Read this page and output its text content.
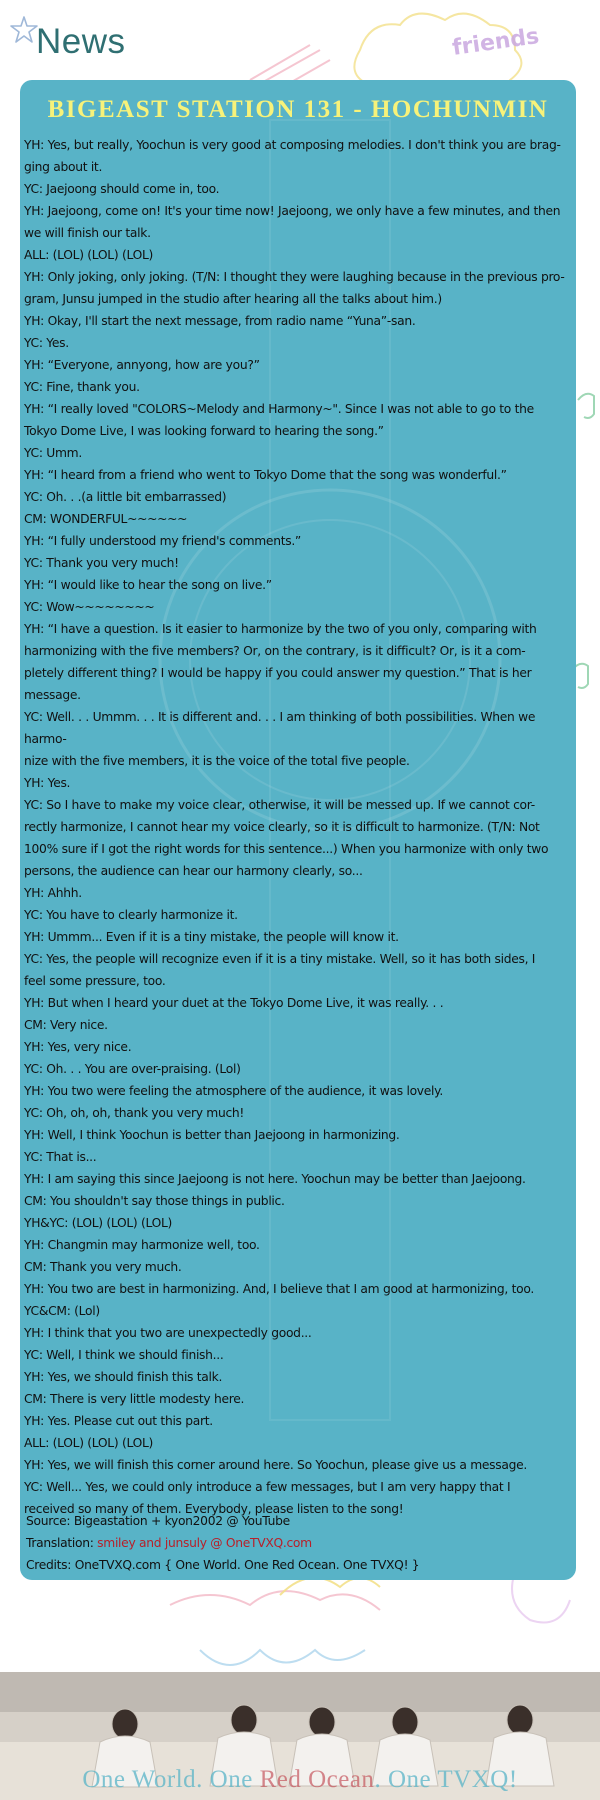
News	friends
BIGEAST STATION 131 - HOCHUNMIN
YH: Yes, but really, Yoochun is very good at composing melodies. I don't think you are brag-
ging about it.
YC: Jaejoong should come in, too.
YH: Jaejoong, come on! It's your time now! Jaejoong, we only have a few minutes, and then
we will finish our talk.
ALL: (LOL) (LOL) (LOL)
YH: Only joking, only joking. (T/N: I thought they were laughing because in the previous pro-
gram, Junsu jumped in the studio after hearing all the talks about him.)
YH: Okay, I'll start the next message, from radio name “Yuna”-san.
YC: Yes.
YH: “Everyone, annyong, how are you?”
YC: Fine, thank you.
YH: “I really loved "COLORS~Melody and Harmony~". Since I was not able to go to the
Tokyo Dome Live, I was looking forward to hearing the song.”
YC: Umm.
YH: “I heard from a friend who went to Tokyo Dome that the song was wonderful.”
YC: Oh. . .(a little bit embarrassed)
CM: WONDERFUL~~~~~~
YH: “I fully understood my friend's comments.”
YC: Thank you very much!
YH: “I would like to hear the song on live.”
YC: Wow~~~~~~~~
YH: “I have a question. Is it easier to harmonize by the two of you only, comparing with
harmonizing with the five members? Or, on the contrary, is it difficult? Or, is it a com-
pletely different thing? I would be happy if you could answer my question.” That is her
message.
YC: Well. . . Ummm. . . It is different and. . . I am thinking of both possibilities. When we harmo-
nize with the five members, it is the voice of the total five people.
YH: Yes.
YC: So I have to make my voice clear, otherwise, it will be messed up. If we cannot cor-
rectly harmonize, I cannot hear my voice clearly, so it is difficult to harmonize. (T/N: Not
100% sure if I got the right words for this sentence...) When you harmonize with only two
persons, the audience can hear our harmony clearly, so...
YH: Ahhh.
YC: You have to clearly harmonize it.
YH: Ummm... Even if it is a tiny mistake, the people will know it.
YC: Yes, the people will recognize even if it is a tiny mistake. Well, so it has both sides, I
feel some pressure, too.
YH: But when I heard your duet at the Tokyo Dome Live, it was really. . .
CM: Very nice.
YH: Yes, very nice.
YC: Oh. . . You are over-praising. (Lol)
YH: You two were feeling the atmosphere of the audience, it was lovely.
YC: Oh, oh, oh, thank you very much!
YH: Well, I think Yoochun is better than Jaejoong in harmonizing.
YC: That is...
YH: I am saying this since Jaejoong is not here. Yoochun may be better than Jaejoong.
CM: You shouldn't say those things in public.
YH&YC: (LOL) (LOL) (LOL)
YH: Changmin may harmonize well, too.
CM: Thank you very much.
YH: You two are best in harmonizing. And, I believe that I am good at harmonizing, too.
YC&CM: (Lol)
YH: I think that you two are unexpectedly good...
YC: Well, I think we should finish...
YH: Yes, we should finish this talk.
CM: There is very little modesty here.
YH: Yes. Please cut out this part.
ALL: (LOL) (LOL) (LOL)
YH: Yes, we will finish this corner around here. So Yoochun, please give us a message.
YC: Well... Yes, we could only introduce a few messages, but I am very happy that I
received so many of them. Everybody, please listen to the song!
Source: Bigeastation + kyon2002 @ YouTube
Translation: smiley and junsuly @ OneTVXQ.com
Credits: OneTVXQ.com { One World. One Red Ocean. One TVXQ! }
One World. One Red Ocean. One TVXQ!
